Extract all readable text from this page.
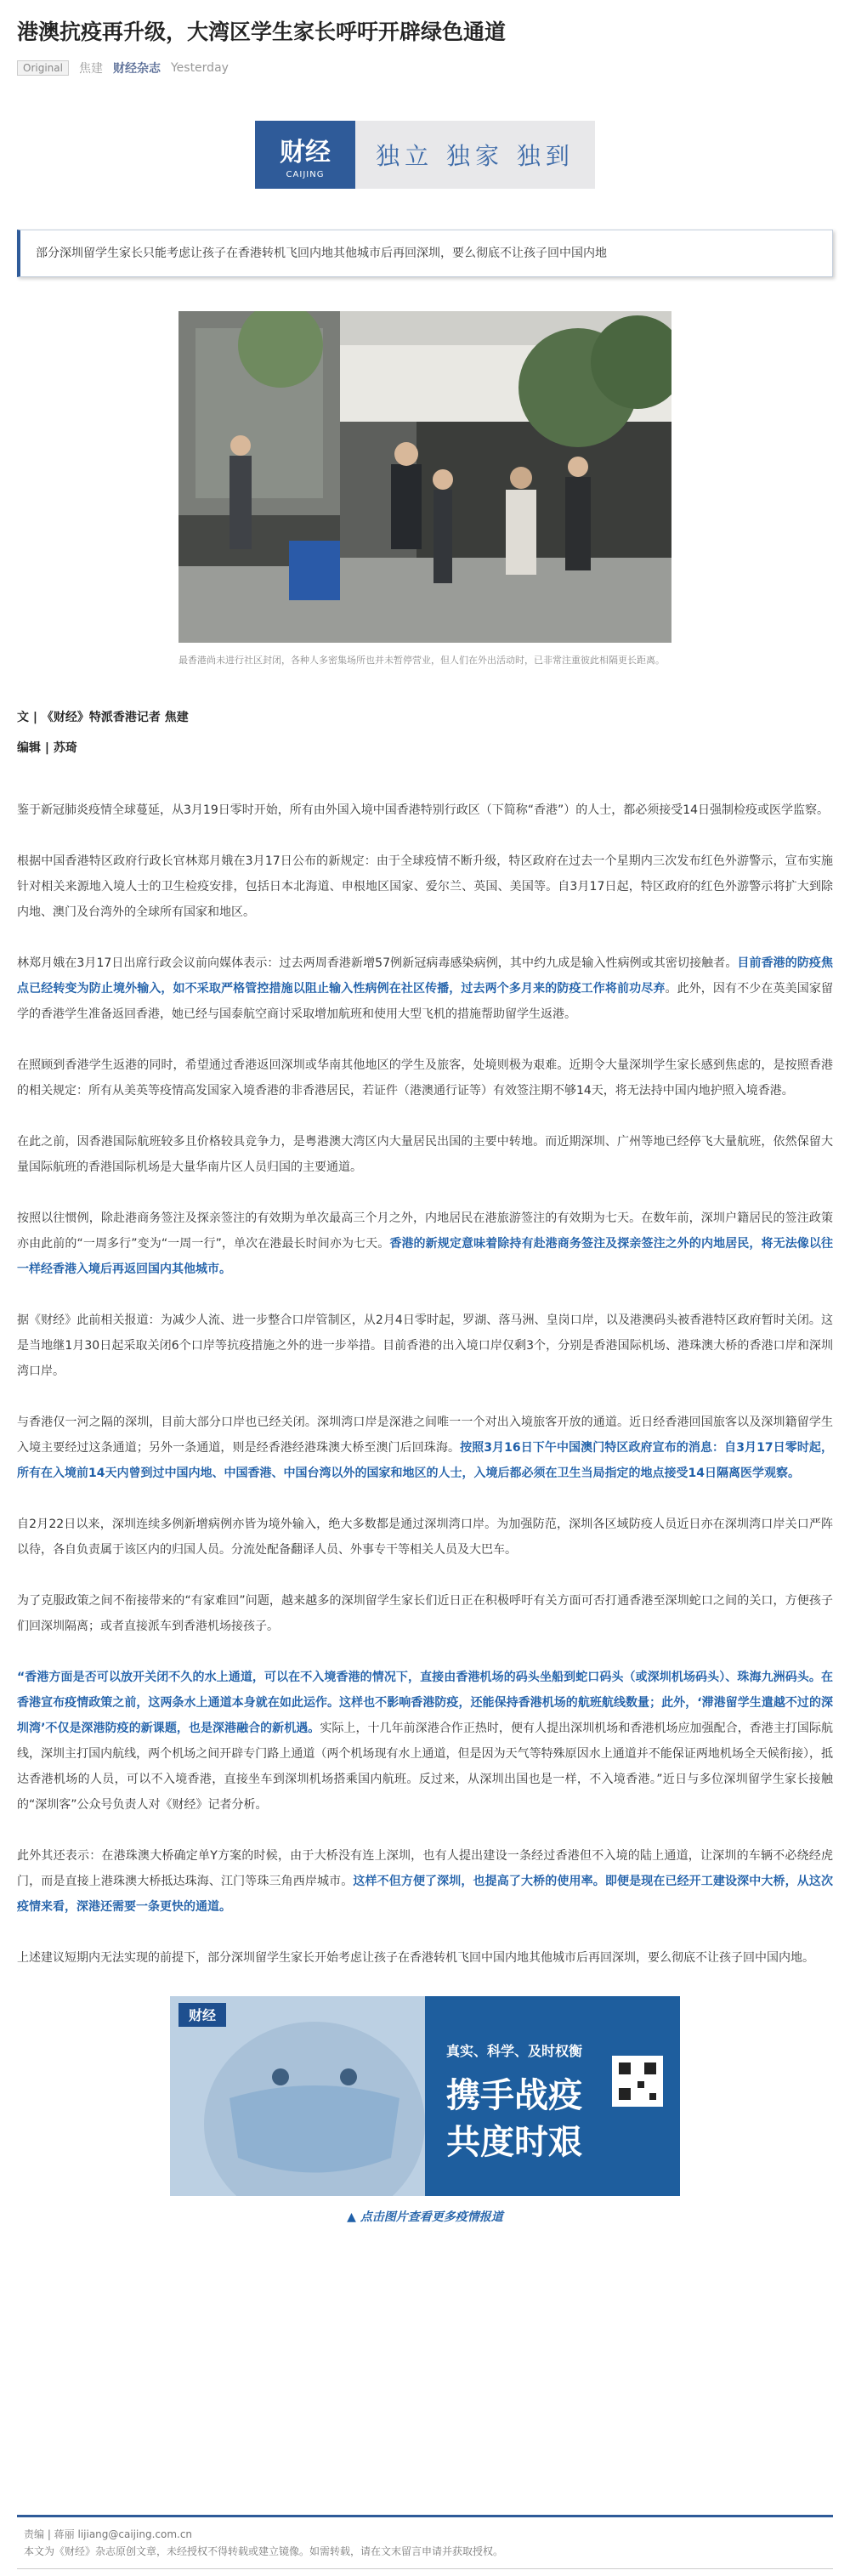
港澳抗疫再升级，大湾区学生家长呼吁开辟绿色通道
Original	焦建 财经杂志 Yesterday
财经
CAIJING
独立 独家 独到
部分深圳留学生家长只能考虑让孩子在香港转机飞回内地其他城市后再回深圳，要么彻底不让孩子回中国内地
最香港尚未进行社区封闭，各种人多密集场所也并未暂停营业，但人们在外出活动时，已非常注重彼此相隔更长距离。
文 | 《财经》特派香港记者 焦建
编辑 | 苏琦

鉴于新冠肺炎疫情全球蔓延，从3月19日零时开始，所有由外国入境中国香港特别行政区（下简称“香港”）的人士，都必须接受14日强制检疫或医学监察。

根据中国香港特区政府行政长官林郑月娥在3月17日公布的新规定：由于全球疫情不断升级，特区政府在过去一个星期内三次发布红色外游警示，宣布实施针对相关来源地入境人士的卫生检疫安排，包括日本北海道、申根地区国家、爱尔兰、英国、美国等。自3月17日起，特区政府的红色外游警示将扩大到除内地、澳门及台湾外的全球所有国家和地区。

林郑月娥在3月17日出席行政会议前向媒体表示：过去两周香港新增57例新冠病毒感染病例，其中约九成是输入性病例或其密切接触者。目前香港的防疫焦点已经转变为防止境外输入，如不采取严格管控措施以阻止输入性病例在社区传播，过去两个多月来的防疫工作将前功尽弃。此外，因有不少在英美国家留学的香港学生准备返回香港，她已经与国泰航空商讨采取增加航班和使用大型飞机的措施帮助留学生返港。

在照顾到香港学生返港的同时，希望通过香港返回深圳或华南其他地区的学生及旅客，处境则极为艰难。近期令大量深圳学生家长感到焦虑的，是按照香港的相关规定：所有从美英等疫情高发国家入境香港的非香港居民，若证件（港澳通行证等）有效签注期不够14天，将无法持中国内地护照入境香港。

在此之前，因香港国际航班较多且价格较具竞争力，是粤港澳大湾区内大量居民出国的主要中转地。而近期深圳、广州等地已经停飞大量航班，依然保留大量国际航班的香港国际机场是大量华南片区人员归国的主要通道。

按照以往惯例，除赴港商务签注及探亲签注的有效期为单次最高三个月之外，内地居民在港旅游签注的有效期为七天。在数年前，深圳户籍居民的签注政策亦由此前的“一周多行”变为“一周一行”，单次在港最长时间亦为七天。香港的新规定意味着除持有赴港商务签注及探亲签注之外的内地居民，将无法像以往一样经香港入境后再返回国内其他城市。

据《财经》此前相关报道：为减少人流、进一步整合口岸管制区，从2月4日零时起，罗湖、落马洲、皇岗口岸，以及港澳码头被香港特区政府暂时关闭。这是当地继1月30日起采取关闭6个口岸等抗疫措施之外的进一步举措。目前香港的出入境口岸仅剩3个，分别是香港国际机场、港珠澳大桥的香港口岸和深圳湾口岸。

与香港仅一河之隔的深圳，目前大部分口岸也已经关闭。深圳湾口岸是深港之间唯一一个对出入境旅客开放的通道。近日经香港回国旅客以及深圳籍留学生入境主要经过这条通道；另外一条通道，则是经香港经港珠澳大桥至澳门后回珠海。按照3月16日下午中国澳门特区政府宣布的消息：自3月17日零时起，所有在入境前14天内曾到过中国内地、中国香港、中国台湾以外的国家和地区的人士，入境后都必须在卫生当局指定的地点接受14日隔离医学观察。

自2月22日以来，深圳连续多例新增病例亦皆为境外输入，绝大多数都是通过深圳湾口岸。为加强防范，深圳各区域防疫人员近日亦在深圳湾口岸关口严阵以待，各自负责属于该区内的归国人员。分流处配备翻译人员、外事专干等相关人员及大巴车。

为了克服政策之间不衔接带来的“有家难回”问题，越来越多的深圳留学生家长们近日正在积极呼吁有关方面可否打通香港至深圳蛇口之间的关口，方便孩子们回深圳隔离；或者直接派车到香港机场接孩子。

“香港方面是否可以放开关闭不久的水上通道，可以在不入境香港的情况下，直接由香港机场的码头坐船到蛇口码头（或深圳机场码头）、珠海九洲码头。在香港宣布疫情政策之前，这两条水上通道本身就在如此运作。这样也不影响香港防疫，还能保持香港机场的航班航线数量；此外，‘滞港留学生遣越不过的深圳湾’不仅是深港防疫的新课题，也是深港融合的新机遇。实际上，十几年前深港合作正热时，便有人提出深圳机场和香港机场应加强配合，香港主打国际航线，深圳主打国内航线，两个机场之间开辟专门路上通道（两个机场现有水上通道，但是因为天气等特殊原因水上通道并不能保证两地机场全天候衔接），抵达香港机场的人员，可以不入境香港，直接坐车到深圳机场搭乘国内航班。反过来，从深圳出国也是一样，不入境香港。”近日与多位深圳留学生家长接触的“深圳客”公众号负责人对《财经》记者分析。

此外其还表示：在港珠澳大桥确定单Y方案的时候，由于大桥没有连上深圳，也有人提出建设一条经过香港但不入境的陆上通道，让深圳的车辆不必绕经虎门，而是直接上港珠澳大桥抵达珠海、江门等珠三角西岸城市。这样不但方便了深圳，也提高了大桥的使用率。即便是现在已经开工建设深中大桥，从这次疫情来看，深港还需要一条更快的通道。

上述建议短期内无法实现的前提下，部分深圳留学生家长开始考虑让孩子在香港转机飞回中国内地其他城市后再回深圳，要么彻底不让孩子回中国内地。

财经
真实、科学、及时权衡
携手战疫
共度时艰
▲ 点击图片查看更多疫情报道
责编 | 蒋丽 lijiang@caijing.com.cn
本文为《财经》杂志原创文章，未经授权不得转载或建立镜像。如需转载，请在文末留言申请并获取授权。
